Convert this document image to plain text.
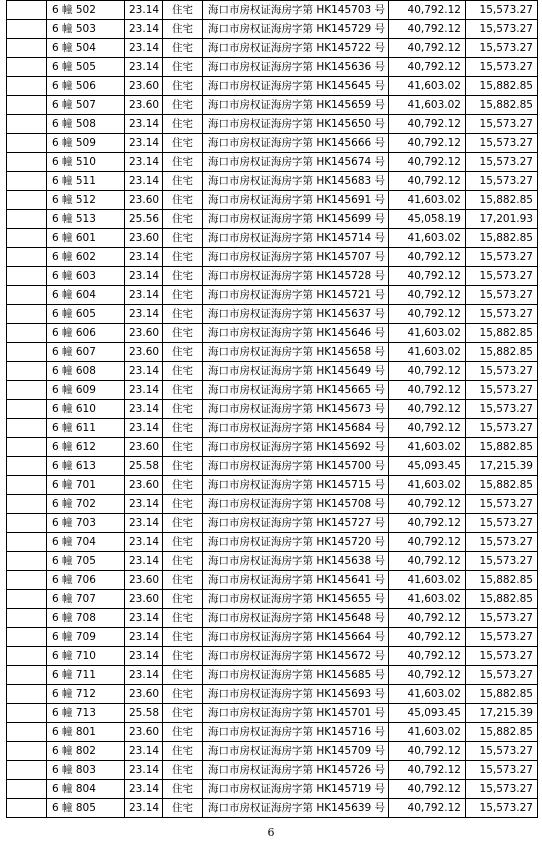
	6 幢 502	23.14	住宅	海口市房权证海房字第 HK145703 号	40,792.12	15,573.27
	6 幢 503	23.14	住宅	海口市房权证海房字第 HK145729 号	40,792.12	15,573.27
	6 幢 504	23.14	住宅	海口市房权证海房字第 HK145722 号	40,792.12	15,573.27
	6 幢 505	23.14	住宅	海口市房权证海房字第 HK145636 号	40,792.12	15,573.27
	6 幢 506	23.60	住宅	海口市房权证海房字第 HK145645 号	41,603.02	15,882.85
	6 幢 507	23.60	住宅	海口市房权证海房字第 HK145659 号	41,603.02	15,882.85
	6 幢 508	23.14	住宅	海口市房权证海房字第 HK145650 号	40,792.12	15,573.27
	6 幢 509	23.14	住宅	海口市房权证海房字第 HK145666 号	40,792.12	15,573.27
	6 幢 510	23.14	住宅	海口市房权证海房字第 HK145674 号	40,792.12	15,573.27
	6 幢 511	23.14	住宅	海口市房权证海房字第 HK145683 号	40,792.12	15,573.27
	6 幢 512	23.60	住宅	海口市房权证海房字第 HK145691 号	41,603.02	15,882.85
	6 幢 513	25.56	住宅	海口市房权证海房字第 HK145699 号	45,058.19	17,201.93
	6 幢 601	23.60	住宅	海口市房权证海房字第 HK145714 号	41,603.02	15,882.85
	6 幢 602	23.14	住宅	海口市房权证海房字第 HK145707 号	40,792.12	15,573.27
	6 幢 603	23.14	住宅	海口市房权证海房字第 HK145728 号	40,792.12	15,573.27
	6 幢 604	23.14	住宅	海口市房权证海房字第 HK145721 号	40,792.12	15,573.27
	6 幢 605	23.14	住宅	海口市房权证海房字第 HK145637 号	40,792.12	15,573.27
	6 幢 606	23.60	住宅	海口市房权证海房字第 HK145646 号	41,603.02	15,882.85
	6 幢 607	23.60	住宅	海口市房权证海房字第 HK145658 号	41,603.02	15,882.85
	6 幢 608	23.14	住宅	海口市房权证海房字第 HK145649 号	40,792.12	15,573.27
	6 幢 609	23.14	住宅	海口市房权证海房字第 HK145665 号	40,792.12	15,573.27
	6 幢 610	23.14	住宅	海口市房权证海房字第 HK145673 号	40,792.12	15,573.27
	6 幢 611	23.14	住宅	海口市房权证海房字第 HK145684 号	40,792.12	15,573.27
	6 幢 612	23.60	住宅	海口市房权证海房字第 HK145692 号	41,603.02	15,882.85
	6 幢 613	25.58	住宅	海口市房权证海房字第 HK145700 号	45,093.45	17,215.39
	6 幢 701	23.60	住宅	海口市房权证海房字第 HK145715 号	41,603.02	15,882.85
	6 幢 702	23.14	住宅	海口市房权证海房字第 HK145708 号	40,792.12	15,573.27
	6 幢 703	23.14	住宅	海口市房权证海房字第 HK145727 号	40,792.12	15,573.27
	6 幢 704	23.14	住宅	海口市房权证海房字第 HK145720 号	40,792.12	15,573.27
	6 幢 705	23.14	住宅	海口市房权证海房字第 HK145638 号	40,792.12	15,573.27
	6 幢 706	23.60	住宅	海口市房权证海房字第 HK145641 号	41,603.02	15,882.85
	6 幢 707	23.60	住宅	海口市房权证海房字第 HK145655 号	41,603.02	15,882.85
	6 幢 708	23.14	住宅	海口市房权证海房字第 HK145648 号	40,792.12	15,573.27
	6 幢 709	23.14	住宅	海口市房权证海房字第 HK145664 号	40,792.12	15,573.27
	6 幢 710	23.14	住宅	海口市房权证海房字第 HK145672 号	40,792.12	15,573.27
	6 幢 711	23.14	住宅	海口市房权证海房字第 HK145685 号	40,792.12	15,573.27
	6 幢 712	23.60	住宅	海口市房权证海房字第 HK145693 号	41,603.02	15,882.85
	6 幢 713	25.58	住宅	海口市房权证海房字第 HK145701 号	45,093.45	17,215.39
	6 幢 801	23.60	住宅	海口市房权证海房字第 HK145716 号	41,603.02	15,882.85
	6 幢 802	23.14	住宅	海口市房权证海房字第 HK145709 号	40,792.12	15,573.27
	6 幢 803	23.14	住宅	海口市房权证海房字第 HK145726 号	40,792.12	15,573.27
	6 幢 804	23.14	住宅	海口市房权证海房字第 HK145719 号	40,792.12	15,573.27
	6 幢 805	23.14	住宅	海口市房权证海房字第 HK145639 号	40,792.12	15,573.27
6
